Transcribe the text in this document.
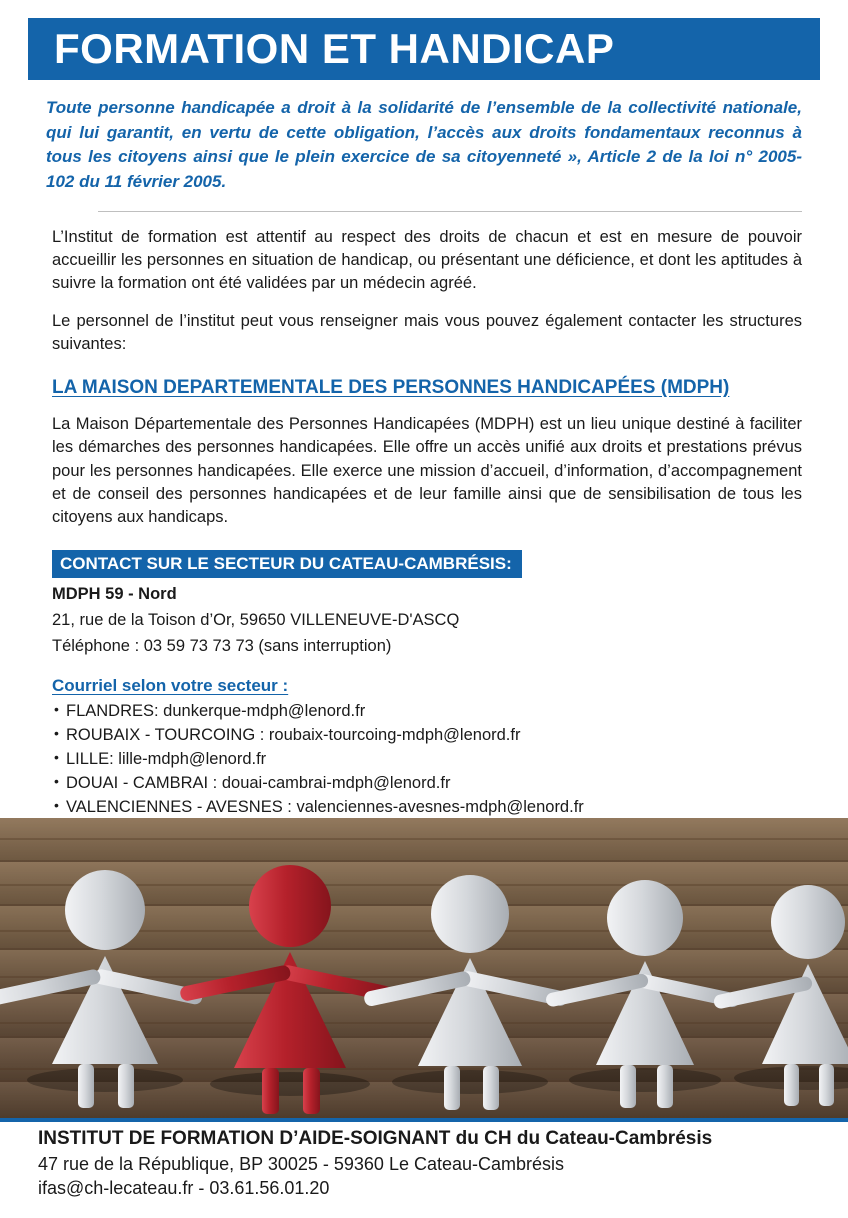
FORMATION ET HANDICAP
Toute personne handicapée a droit à la solidarité de l’ensemble de la collectivité nationale, qui lui garantit, en vertu de cette obligation, l’accès aux droits fondamentaux reconnus à tous les citoyens ainsi que le plein exercice de sa citoyenneté », Article 2 de la loi n° 2005-102 du 11 février 2005.

L’Institut de formation est attentif au respect des droits de chacun et est en mesure de pouvoir accueillir les personnes en situation de handicap, ou présentant une déficience, et dont les aptitudes à suivre la formation ont été validées par un médecin agréé.

Le personnel de l’institut peut vous renseigner mais vous pouvez également contacter les structures suivantes:

LA MAISON DEPARTEMENTALE DES PERSONNES HANDICAPÉES (MDPH)

La Maison Départementale des Personnes Handicapées (MDPH) est un lieu unique destiné à faciliter les démarches des personnes handicapées. Elle offre un accès unifié aux droits et prestations prévus pour les personnes handicapées. Elle exerce une mission d’accueil, d’information, d’accompagnement et de conseil des personnes handicapées et de leur famille ainsi que de sensibilisation de tous les citoyens aux handicaps.

CONTACT SUR LE SECTEUR DU CATEAU-CAMBRÉSIS:
MDPH 59 - Nord
21, rue de la Toison d’Or, 59650 VILLENEUVE-D'ASCQ
Téléphone : 03 59 73 73 73 (sans interruption)
Courriel selon votre secteur :
• FLANDRES: dunkerque-mdph@lenord.fr
• ROUBAIX - TOURCOING : roubaix-tourcoing-mdph@lenord.fr
• LILLE: lille-mdph@lenord.fr
• DOUAI - CAMBRAI : douai-cambrai-mdph@lenord.fr
• VALENCIENNES - AVESNES : valenciennes-avesnes-mdph@lenord.fr
INSTITUT DE FORMATION D’AIDE-SOIGNANT du CH du Cateau-Cambrésis
47 rue de la République, BP 30025 - 59360 Le Cateau-Cambrésis
ifas@ch-lecateau.fr - 03.61.56.01.20
